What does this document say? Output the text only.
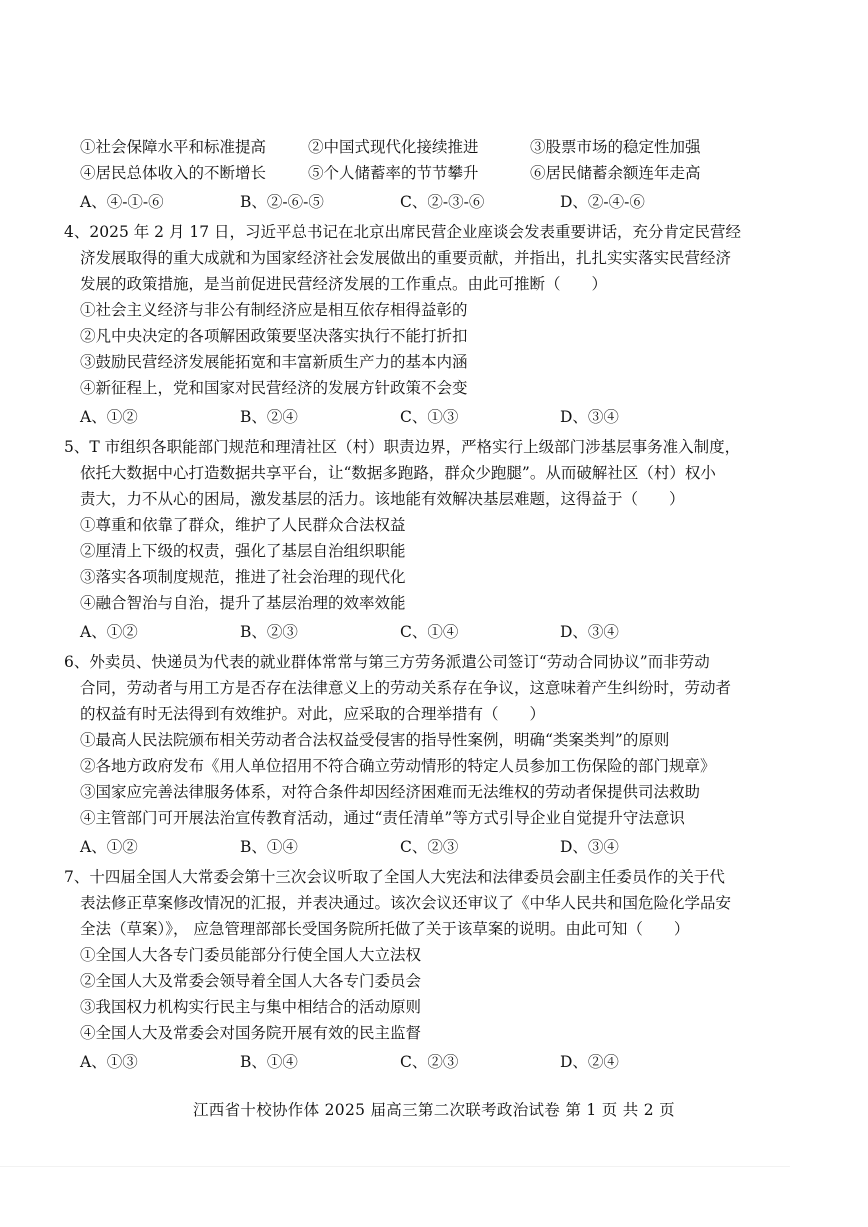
①社会保障水平和标准提高	②中国式现代化接续推进	③股票市场的稳定性加强
④居民总体收入的不断增长	⑤个人储蓄率的节节攀升	⑥居民储蓄余额连年走高
A、④-①-⑥	B、②-⑥-⑤	C、②-③-⑥	D、②-④-⑥
4、2025 年 2 月 17 日，习近平总书记在北京出席民营企业座谈会发表重要讲话，充分肯定民营经
济发展取得的重大成就和为国家经济社会发展做出的重要贡献，并指出，扎扎实实落实民营经济
发展的政策措施，是当前促进民营经济发展的工作重点。由此可推断（　　）
①社会主义经济与非公有制经济应是相互依存相得益彰的
②凡中央决定的各项解困政策要坚决落实执行不能打折扣
③鼓励民营经济发展能拓宽和丰富新质生产力的基本内涵
④新征程上，党和国家对民营经济的发展方针政策不会变
A、①②	B、②④	C、①③	D、③④
5、T 市组织各职能部门规范和理清社区（村）职责边界，严格实行上级部门涉基层事务准入制度，
依托大数据中心打造数据共享平台，让“数据多跑路，群众少跑腿”。从而破解社区（村）权小
责大，力不从心的困局，激发基层的活力。该地能有效解决基层难题，这得益于（　　）
①尊重和依靠了群众，维护了人民群众合法权益
②厘清上下级的权责，强化了基层自治组织职能
③落实各项制度规范，推进了社会治理的现代化
④融合智治与自治，提升了基层治理的效率效能
A、①②	B、②③	C、①④	D、③④
6、外卖员、快递员为代表的就业群体常常与第三方劳务派遣公司签订“劳动合同协议”而非劳动
合同，劳动者与用工方是否存在法律意义上的劳动关系存在争议，这意味着产生纠纷时，劳动者
的权益有时无法得到有效维护。对此，应采取的合理举措有（　　）
①最高人民法院颁布相关劳动者合法权益受侵害的指导性案例，明确“类案类判”的原则
②各地方政府发布《用人单位招用不符合确立劳动情形的特定人员参加工伤保险的部门规章》
③国家应完善法律服务体系，对符合条件却因经济困难而无法维权的劳动者保提供司法救助
④主管部门可开展法治宣传教育活动，通过“责任清单”等方式引导企业自觉提升守法意识
A、①②	B、①④	C、②③	D、③④
7、十四届全国人大常委会第十三次会议听取了全国人大宪法和法律委员会副主任委员作的关于代
表法修正草案修改情况的汇报，并表决通过。该次会议还审议了《中华人民共和国危险化学品安
全法（草案）》， 应急管理部部长受国务院所托做了关于该草案的说明。由此可知（　　）
①全国人大各专门委员能部分行使全国人大立法权
②全国人大及常委会领导着全国人大各专门委员会
③我国权力机构实行民主与集中相结合的活动原则
④全国人大及常委会对国务院开展有效的民主监督
A、①③	B、①④	C、②③	D、②④
江西省十校协作体 2025 届高三第二次联考政治试卷 第 1 页 共 2 页
